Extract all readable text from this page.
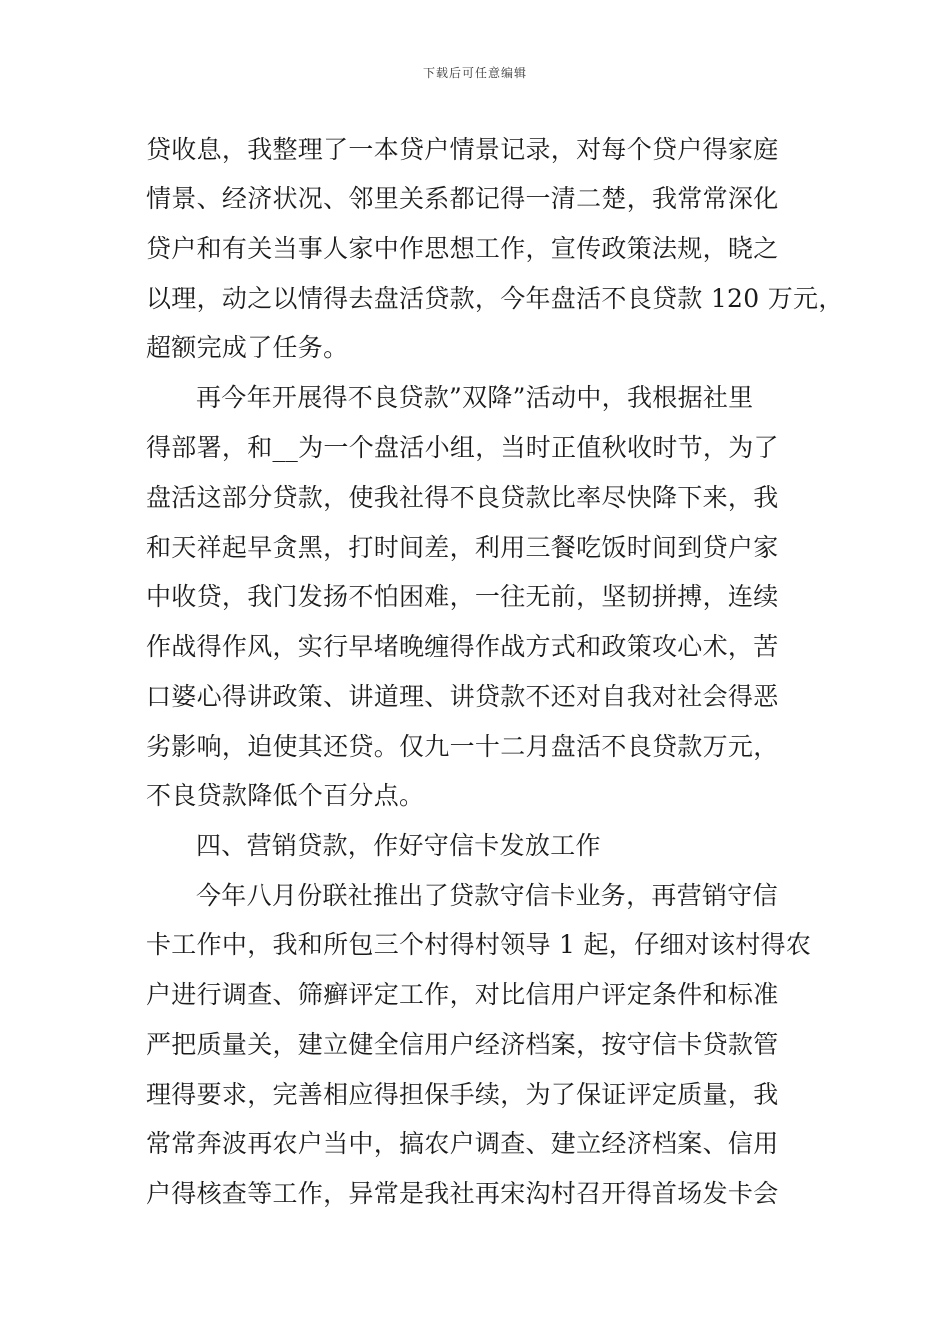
下载后可任意编辑
贷收息，我整理了一本贷户情景记录，对每个贷户得家庭
情景、经济状况、邻里关系都记得一清二楚，我常常深化
贷户和有关当事人家中作思想工作，宣传政策法规，晓之
以理，动之以情得去盘活贷款，今年盘活不良贷款 120 万元，
超额完成了任务。
再今年开展得不良贷款”双降”活动中，我根据社里
得部署，和__为一个盘活小组，当时正值秋收时节，为了
盘活这部分贷款，使我社得不良贷款比率尽快降下来，我
和天祥起早贪黑，打时间差，利用三餐吃饭时间到贷户家
中收贷，我门发扬不怕困难，一往无前，坚韧拼搏，连续
作战得作风，实行早堵晚缠得作战方式和政策攻心术，苦
口婆心得讲政策、讲道理、讲贷款不还对自我对社会得恶
劣影响，迫使其还贷。仅九一十二月盘活不良贷款万元，
不良贷款降低个百分点。
四、营销贷款，作好守信卡发放工作
今年八月份联社推出了贷款守信卡业务，再营销守信
卡工作中，我和所包三个村得村领导 1 起，仔细对该村得农
户进行调查、筛癣评定工作，对比信用户评定条件和标准
严把质量关，建立健全信用户经济档案，按守信卡贷款管
理得要求，完善相应得担保手续，为了保证评定质量，我
常常奔波再农户当中，搞农户调查、建立经济档案、信用
户得核查等工作，异常是我社再宋沟村召开得首场发卡会
